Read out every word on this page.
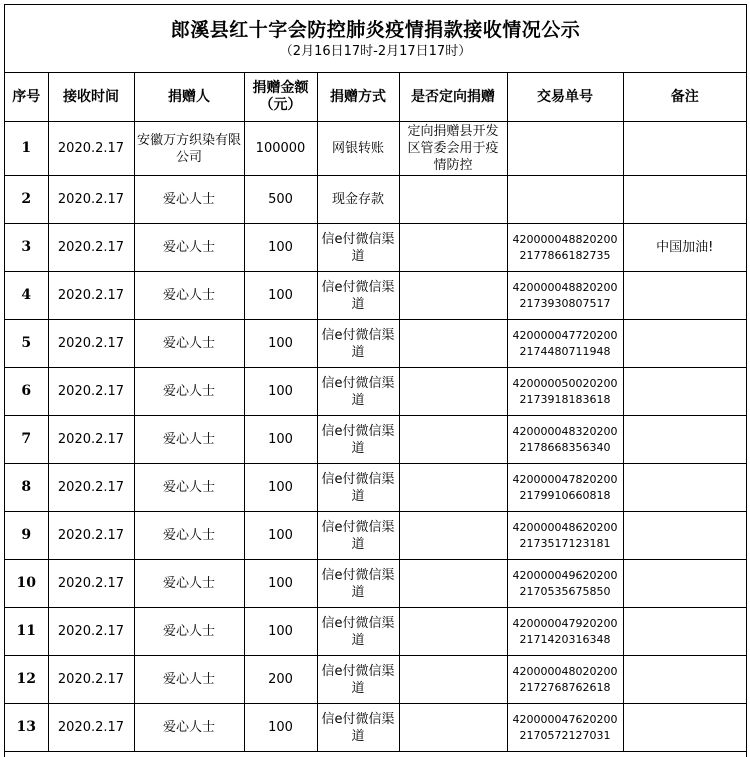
郎溪县红十字会防控肺炎疫情捐款接收情况公示
（2月16日17时-2月17日17时）
序号	接收时间	捐赠人	捐赠金额（元）	捐赠方式	是否定向捐赠	交易单号	备注
1	2020.2.17	安徽万方织染有限公司	100000	网银转账	定向捐赠县开发区管委会用于疫情防控		
2	2020.2.17	爱心人士	500	现金存款			
3	2020.2.17	爱心人士	100	信e付微信渠道		4200000488202002177866182735	中国加油!
4	2020.2.17	爱心人士	100	信e付微信渠道		4200000488202002173930807517	
5	2020.2.17	爱心人士	100	信e付微信渠道		4200000477202002174480711948	
6	2020.2.17	爱心人士	100	信e付微信渠道		4200000500202002173918183618	
7	2020.2.17	爱心人士	100	信e付微信渠道		4200000483202002178668356340	
8	2020.2.17	爱心人士	100	信e付微信渠道		4200000478202002179910660818	
9	2020.2.17	爱心人士	100	信e付微信渠道		4200000486202002173517123181	
10	2020.2.17	爱心人士	100	信e付微信渠道		4200000496202002170535675850	
11	2020.2.17	爱心人士	100	信e付微信渠道		4200000479202002171420316348	
12	2020.2.17	爱心人士	200	信e付微信渠道		4200000480202002172768762618	
13	2020.2.17	爱心人士	100	信e付微信渠道		4200000476202002170572127031	
